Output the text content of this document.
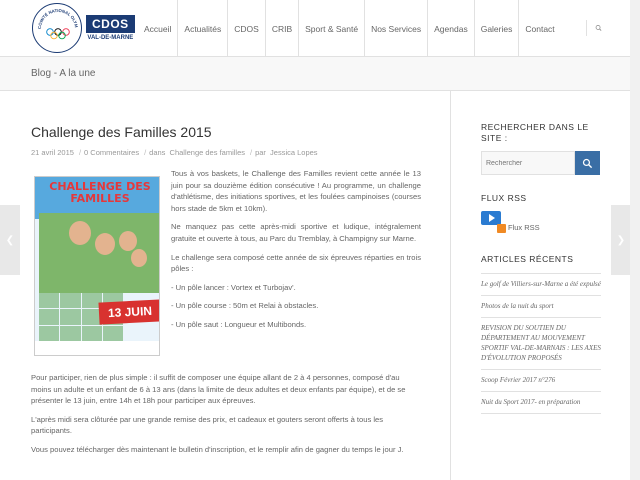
COMITÉ NATIONAL OLYM	CDOS
VAL-DE-MARNE
Accueil	Actualités	CDOS	CRIB	Sport & Santé	Nos Services	Agendas	Galeries	Contact
Blog - A la une
❮	❯
Challenge des Familles 2015
21 avril 2015 / 0 Commentaires / dans Challenge des familles / par Jessica Lopes
CHALLENGE DES FAMILLES
13 JUIN

Tous à vos baskets, le Challenge des Familles revient cette année le 13 juin pour sa douzième édition consécutive ! Au programme, un challenge d'athlétisme, des initiations sportives, et les foulées campinoises (courses hors stade de 5km et 10km).

Ne manquez pas cette après-midi sportive et ludique, intégralement gratuite et ouverte à tous, au Parc du Tremblay, à Champigny sur Marne.

Le challenge sera composé cette année de six épreuves réparties en trois pôles :

- Un pôle lancer : Vortex et Turbojav'.

- Un pôle course : 50m et Relai à obstacles.

- Un pôle saut : Longueur et Multibonds.

Pour participer, rien de plus simple : il suffit de composer une équipe allant de 2 à 4 personnes, composé d'au moins un adulte et un enfant de 6 à 13 ans (dans la limite de deux adultes et deux enfants par équipe), et de se présenter le 13 juin, entre 14h et 18h pour participer aux épreuves.

L'après midi sera clôturée par une grande remise des prix, et cadeaux et gouters seront offerts à tous les participants.

Vous pouvez télécharger dès maintenant le bulletin d'inscription, et le remplir afin de gagner du temps le jour J.

RECHERCHER DANS LE SITE :
Rechercher
FLUX RSS
Flux RSS
ARTICLES RÉCENTS
Le golf de Villiers-sur-Marne a été expulsé
Photos de la nuit du sport
REVISION DU SOUTIEN DU DÉPARTEMENT AU MOUVEMENT SPORTIF VAL-DE-MARNAIS : LES AXES D'ÉVOLUTION PROPOSÉS
Scoop Février 2017 n°276
Nuit du Sport 2017- en préparation
